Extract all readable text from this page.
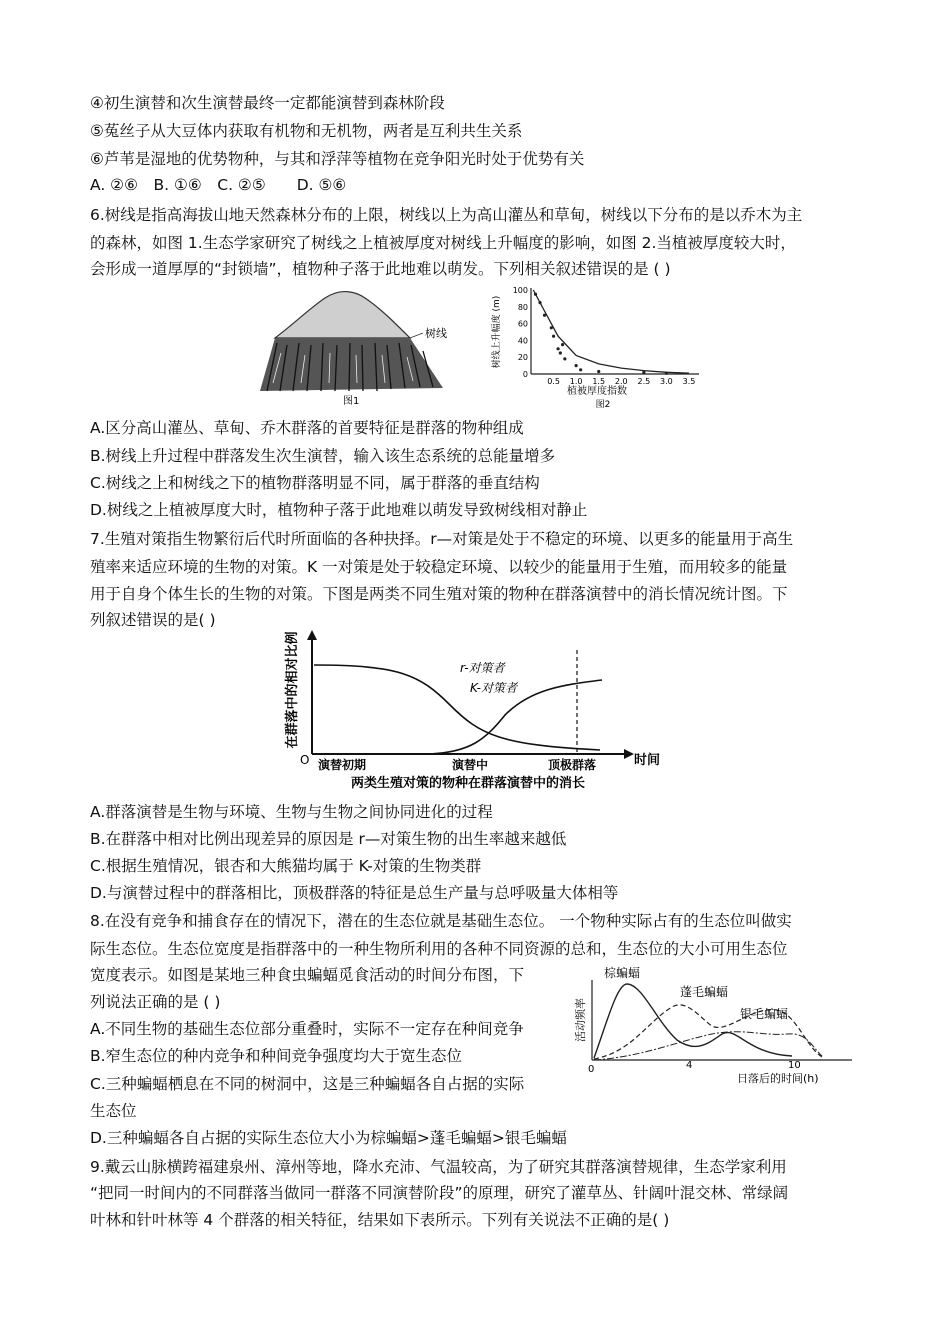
④初生演替和次生演替最终一定都能演替到森林阶段
⑤菟丝子从大豆体内获取有机物和无机物，两者是互利共生关系
⑥芦苇是湿地的优势物种，与其和浮萍等植物在竞争阳光时处于优势有关
A. ②⑥　B. ①⑥　C. ②⑤　　D. ⑤⑥
6.树线是指高海拔山地天然森林分布的上限，树线以上为高山灌丛和草甸，树线以下分布的是以乔木为主
的森林，如图 1.生态学家研究了树线之上植被厚度对树线上升幅度的影响，如图 2.当植被厚度较大时，
会形成一道厚厚的“封锁墙”，植物种子落于此地难以萌发。下列相关叙述错误的是 ( )
树线
图1
树线上升幅度 (m)
0
20
40
60
80
100
0.5 1.0 1.5 2.0 2.5 3.0 3.5
植被厚度指数
图2
A.区分高山灌丛、草甸、乔木群落的首要特征是群落的物种组成
B.树线上升过程中群落发生次生演替，输入该生态系统的总能量增多
C.树线之上和树线之下的植物群落明显不同，属于群落的垂直结构
D.树线之上植被厚度大时，植物种子落于此地难以萌发导致树线相对静止
7.生殖对策指生物繁衍后代时所面临的各种抉择。r—对策是处于不稳定的环境、以更多的能量用于高生
殖率来适应环境的生物的对策。K 一对策是处于较稳定环境、以较少的能量用于生殖，而用较多的能量
用于自身个体生长的生物的对策。下图是两类不同生殖对策的物种在群落演替中的消长情况统计图。下
列叙述错误的是( )
在群落中的相对比例
O
r-对策者
K-对策者
演替初期	演替中	顶极群落	时间
两类生殖对策的物种在群落演替中的消长
A.群落演替是生物与环境、生物与生物之间协同进化的过程
B.在群落中相对比例出现差异的原因是 r—对策生物的出生率越来越低
C.根据生殖情况，银杏和大熊猫均属于 K-对策的生物类群
D.与演替过程中的群落相比，顶极群落的特征是总生产量与总呼吸量大体相等
8.在没有竞争和捕食存在的情况下，潜在的生态位就是基础生态位。 一个物种实际占有的生态位叫做实
际生态位。生态位宽度是指群落中的一种生物所利用的各种不同资源的总和，生态位的大小可用生态位
宽度表示。如图是某地三种食虫蝙蝠觅食活动的时间分布图，下
列说法正确的是 ( )
A.不同生物的基础生态位部分重叠时，实际不一定存在种间竞争
B.窄生态位的种内竞争和种间竞争强度均大于宽生态位
C.三种蝙蝠栖息在不同的树洞中，这是三种蝙蝠各自占据的实际
生态位
D.三种蝙蝠各自占据的实际生态位大小为棕蝙蝠>蓬毛蝙蝠>银毛蝙蝠
活动频率
棕蝙蝠
蓬毛蝙蝠
银毛蝙蝠
0	4	10
日落后的时间(h)
9.戴云山脉横跨福建泉州、漳州等地，降水充沛、气温较高，为了研究其群落演替规律，生态学家利用
“把同一时间内的不同群落当做同一群落不同演替阶段”的原理，研究了灌草丛、针阔叶混交林、常绿阔
叶林和针叶林等 4 个群落的相关特征，结果如下表所示。下列有关说法不正确的是( )
